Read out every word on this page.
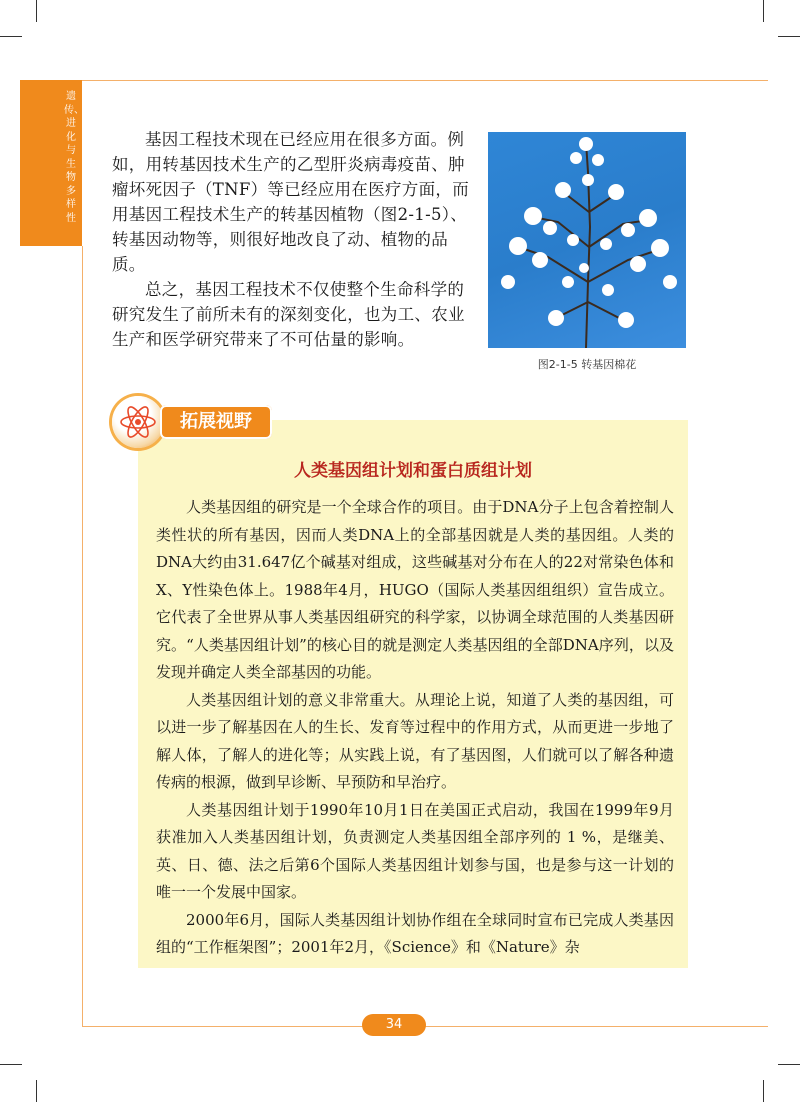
遗传、进化与生物多样性

基因工程技术现在已经应用在很多方面。例如，用转基因技术生产的乙型肝炎病毒疫苗、肿瘤坏死因子（TNF）等已经应用在医疗方面，而用基因工程技术生产的转基因植物（图2-1-5）、转基因动物等，则很好地改良了动、植物的品质。

总之，基因工程技术不仅使整个生命科学的研究发生了前所未有的深刻变化，也为工、农业生产和医学研究带来了不可估量的影响。

图2-1-5 转基因棉花
拓展视野
人类基因组计划和蛋白质组计划

人类基因组的研究是一个全球合作的项目。由于DNA分子上包含着控制人类性状的所有基因，因而人类DNA上的全部基因就是人类的基因组。人类的DNA大约由31.647亿个碱基对组成，这些碱基对分布在人的22对常染色体和X、Y性染色体上。1988年4月，HUGO（国际人类基因组组织）宣告成立。它代表了全世界从事人类基因组研究的科学家，以协调全球范围的人类基因研究。“人类基因组计划”的核心目的就是测定人类基因组的全部DNA序列，以及发现并确定人类全部基因的功能。

人类基因组计划的意义非常重大。从理论上说，知道了人类的基因组，可以进一步了解基因在人的生长、发育等过程中的作用方式，从而更进一步地了解人体，了解人的进化等；从实践上说，有了基因图，人们就可以了解各种遗传病的根源，做到早诊断、早预防和早治疗。

人类基因组计划于1990年10月1日在美国正式启动，我国在1999年9月获准加入人类基因组计划，负责测定人类基因组全部序列的 1 %，是继美、英、日、德、法之后第6个国际人类基因组计划参与国，也是参与这一计划的唯一一个发展中国家。

2000年6月，国际人类基因组计划协作组在全球同时宣布已完成人类基因组的“工作框架图”；2001年2月，《Science》和《Nature》杂

34
